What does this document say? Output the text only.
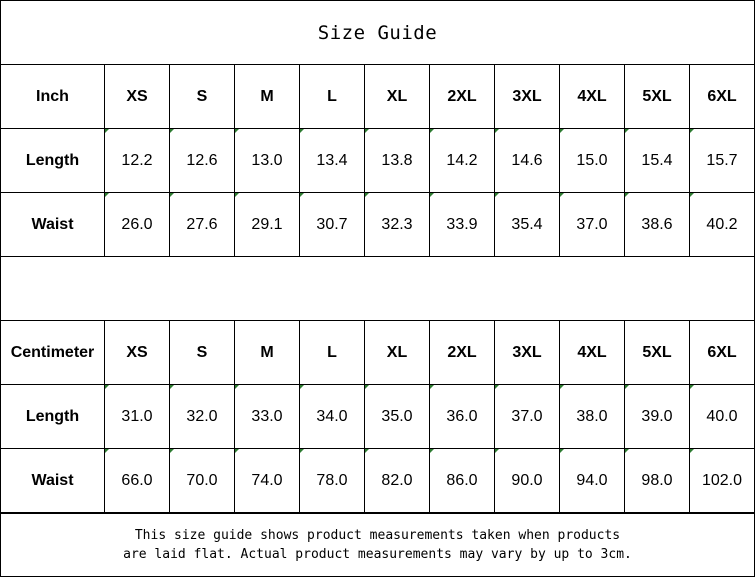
Size Guide
Inch	XS	S	M	L	XL	2XL	3XL	4XL	5XL	6XL
Length	12.2	12.6	13.0	13.4	13.8	14.2	14.6	15.0	15.4	15.7
Waist	26.0	27.6	29.1	30.7	32.3	33.9	35.4	37.0	38.6	40.2
Centimeter	XS	S	M	L	XL	2XL	3XL	4XL	5XL	6XL
Length	31.0	32.0	33.0	34.0	35.0	36.0	37.0	38.0	39.0	40.0
Waist	66.0	70.0	74.0	78.0	82.0	86.0	90.0	94.0	98.0	102.0
This size guide shows product measurements taken when products
are laid flat. Actual product measurements may vary by up to 3cm.
